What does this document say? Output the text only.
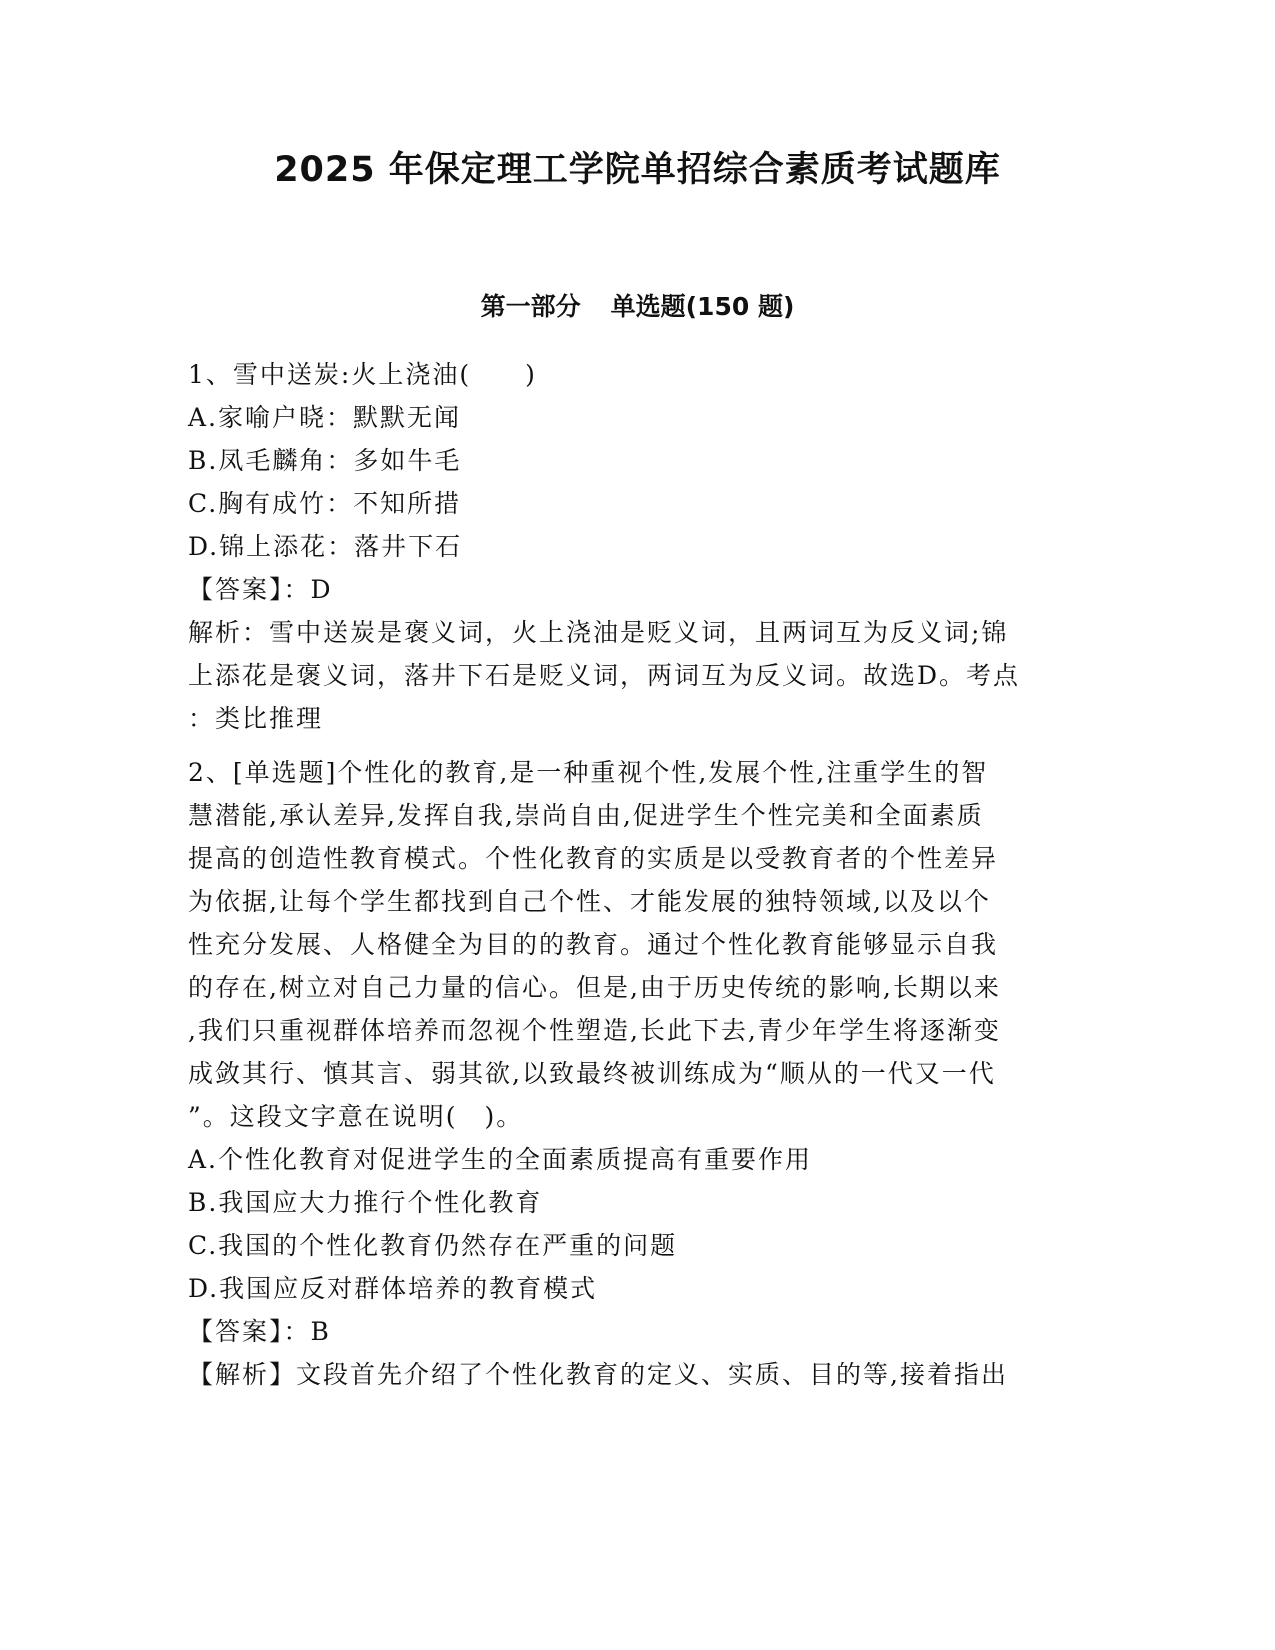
2025 年保定理工学院单招综合素质考试题库
第一部分 单选题(150 题)
1、雪中送炭:火上浇油(　　)
A.家喻户晓：默默无闻
B.凤毛麟角：多如牛毛
C.胸有成竹：不知所措
D.锦上添花：落井下石
【答案】：D
解析：雪中送炭是褒义词，火上浇油是贬义词，且两词互为反义词;锦
上添花是褒义词，落井下石是贬义词，两词互为反义词。故选D。考点
：类比推理
2、[单选题]个性化的教育,是一种重视个性,发展个性,注重学生的智
慧潜能,承认差异,发挥自我,崇尚自由,促进学生个性完美和全面素质
提高的创造性教育模式。个性化教育的实质是以受教育者的个性差异
为依据,让每个学生都找到自己个性、才能发展的独特领域,以及以个
性充分发展、人格健全为目的的教育。通过个性化教育能够显示自我
的存在,树立对自己力量的信心。但是,由于历史传统的影响,长期以来
,我们只重视群体培养而忽视个性塑造,长此下去,青少年学生将逐渐变
成敛其行、慎其言、弱其欲,以致最终被训练成为“顺从的一代又一代
”。这段文字意在说明(　)。
A.个性化教育对促进学生的全面素质提高有重要作用
B.我国应大力推行个性化教育
C.我国的个性化教育仍然存在严重的问题
D.我国应反对群体培养的教育模式
【答案】：B
【解析】文段首先介绍了个性化教育的定义、实质、目的等,接着指出
